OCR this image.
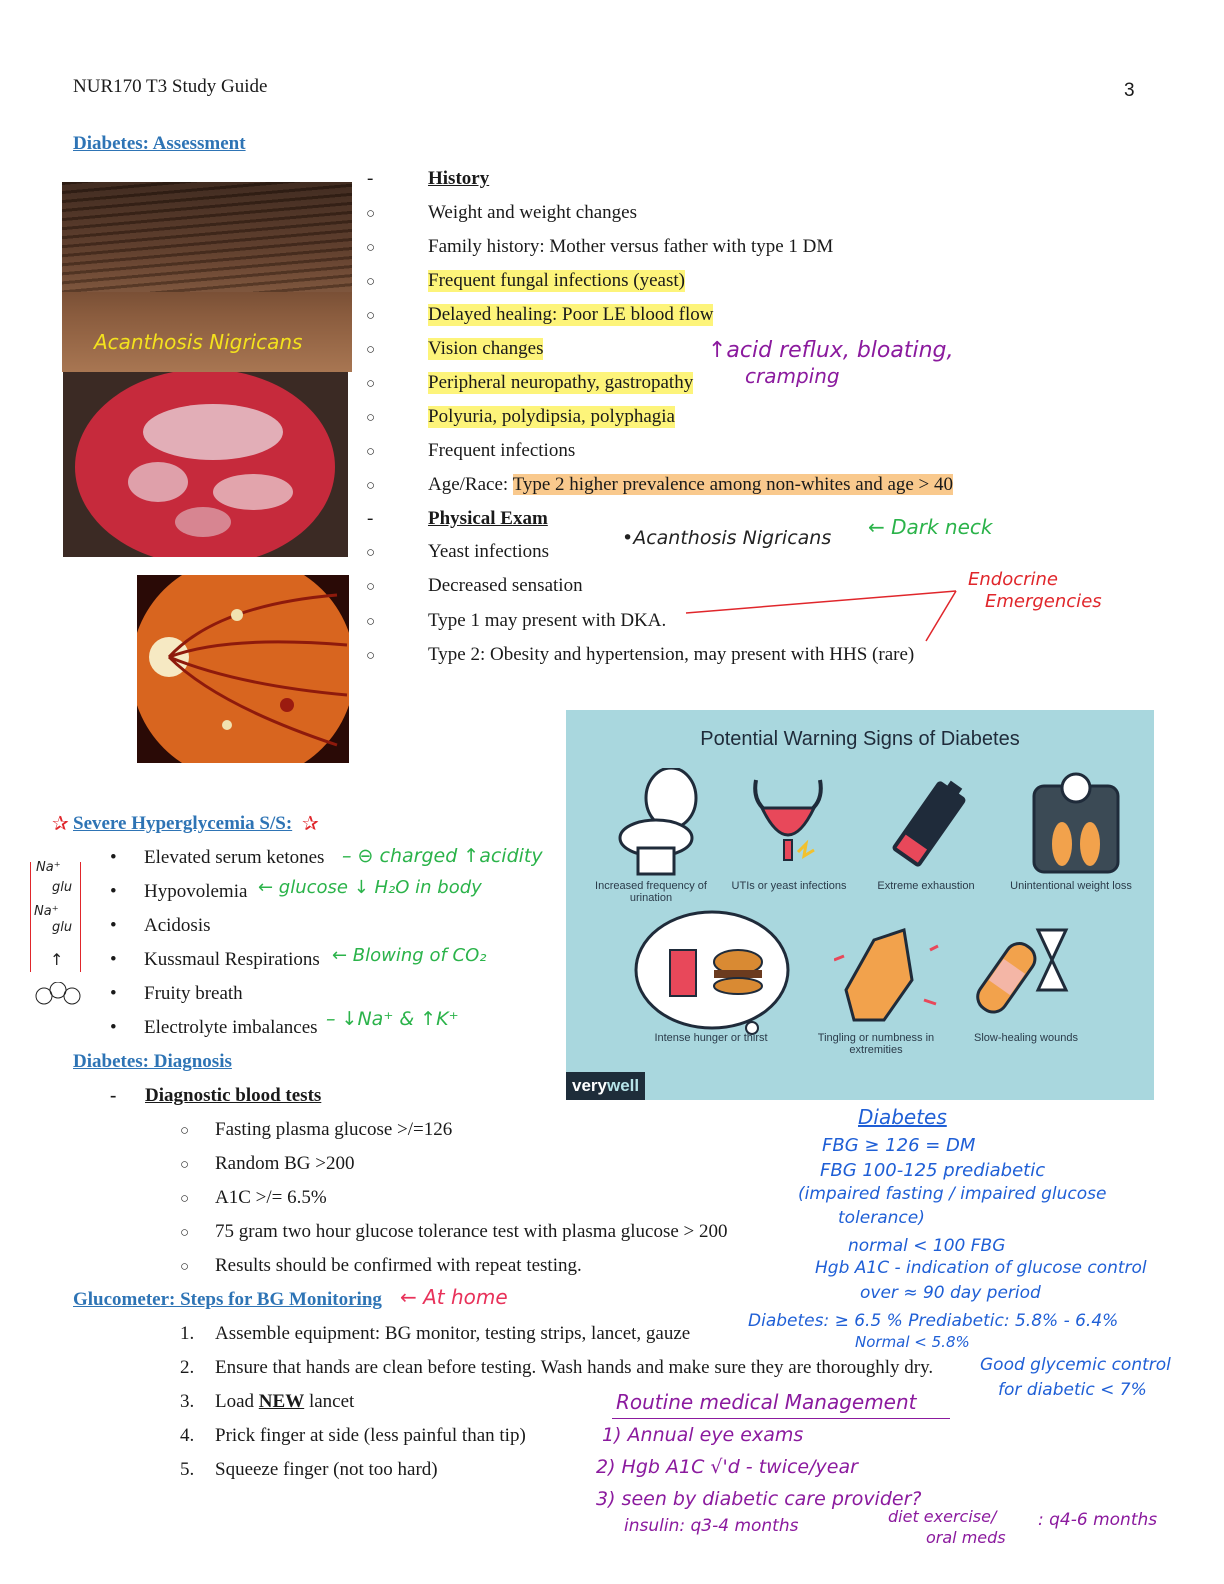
NUR170 T3 Study Guide	3
Diabetes: Assessment
Acanthosis Nigricans
-	History
○	Weight and weight changes
○	Family history: Mother versus father with type 1 DM
○	Frequent fungal infections (yeast)
○	Delayed healing: Poor LE blood flow
○	Vision changes
○	Peripheral neuropathy, gastropathy
○	Polyuria, polydipsia, polyphagia
○	Frequent infections
○	Age/Race: Type 2 higher prevalence among non-whites and age > 40
-	Physical Exam
○	Yeast infections
○	Decreased sensation
○	Type 1 may present with DKA.
○	Type 2: Obesity and hypertension, may present with HHS (rare)
↑acid reflux, bloating,
cramping
•Acanthosis Nigricans ← Dark neck
Endocrine
Emergencies
Potential Warning Signs of Diabetes
Increased frequency of urination
UTIs or yeast infections	Extreme exhaustion	Unintentional weight loss
Intense hunger or thirst	Tingling or numbness in extremities
Slow-healing wounds
verywell
✰ Severe Hyperglycemia S/S: ✰
• Elevated serum ketones
• Hypovolemia
• Acidosis
• Kussmaul Respirations
• Fruity breath
• Electrolyte imbalances
– ⊖ charged ↑acidity
← glucose ↓ H₂O in body
← Blowing of CO₂
– ↓Na⁺ & ↑K⁺
Na⁺
glu
Na⁺
glu
↑
Diabetes: Diagnosis
- Diagnostic blood tests
○ Fasting plasma glucose >/=126
○ Random BG >200
○ A1C >/= 6.5%
○ 75 gram two hour glucose tolerance test with plasma glucose > 200
○ Results should be confirmed with repeat testing.
Glucometer: Steps for BG Monitoring ← At home
1. Assemble equipment: BG monitor, testing strips, lancet, gauze
2. Ensure that hands are clean before testing. Wash hands and make sure they are thoroughly dry.
3. Load NEW lancet
4. Prick finger at side (less painful than tip)
5. Squeeze finger (not too hard)
Diabetes
FBG ≥ 126 = DM
FBG 100-125 prediabetic
(impaired fasting / impaired glucose
tolerance)
normal < 100 FBG
Hgb A1C - indication of glucose control
over ≈ 90 day period
Diabetes: ≥ 6.5 % Prediabetic: 5.8% - 6.4%
Normal < 5.8%
Good glycemic control
for diabetic < 7%
Routine medical Management
1) Annual eye exams
2) Hgb A1C √'d - twice/year
3) seen by diabetic care provider?
insulin: q3-4 months	diet exercise/
oral meds
: q4-6 months
